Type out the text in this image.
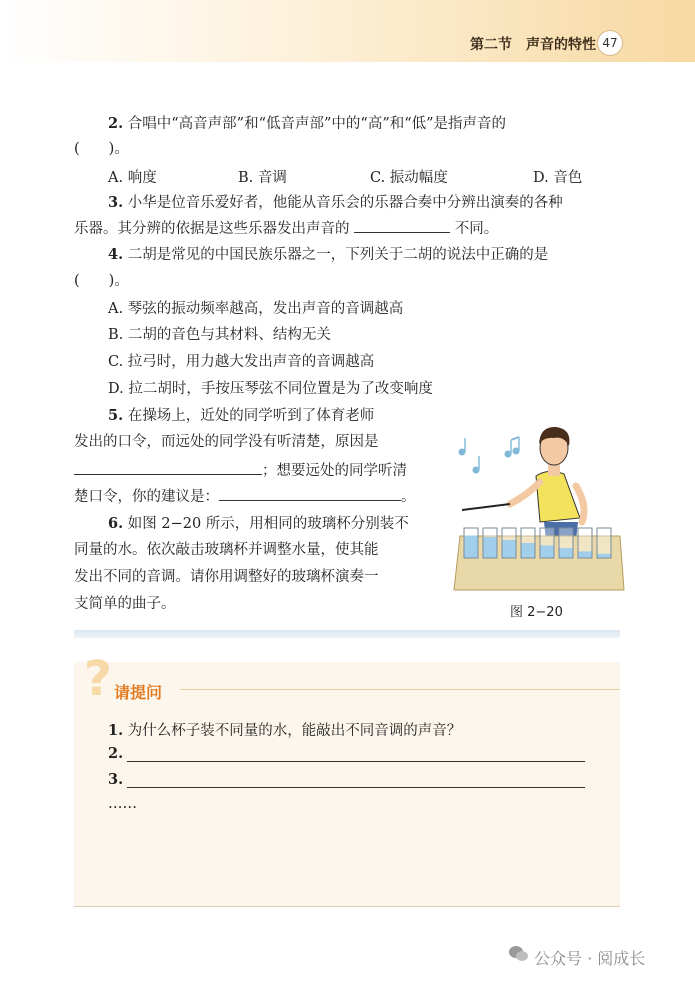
第二节　声音的特性 47
2. 合唱中“高音声部”和“低音声部”中的“高”和“低”是指声音的
(　　)。
A. 响度	B. 音调	C. 振动幅度	D. 音色
3. 小华是位音乐爱好者，他能从音乐会的乐器合奏中分辨出演奏的各种
乐器。其分辨的依据是这些乐器发出声音的	不同。
4. 二胡是常见的中国民族乐器之一，下列关于二胡的说法中正确的是
(　　)。
A. 琴弦的振动频率越高，发出声音的音调越高
B. 二胡的音色与其材料、结构无关
C. 拉弓时，用力越大发出声音的音调越高
D. 拉二胡时，手按压琴弦不同位置是为了改变响度
5. 在操场上，近处的同学听到了体育老师
发出的口令，而远处的同学没有听清楚，原因是
；想要远处的同学听清
楚口令，你的建议是：	。
6. 如图 2−20 所示，用相同的玻璃杯分别装不
同量的水。依次敲击玻璃杯并调整水量，使其能
发出不同的音调。请你用调整好的玻璃杯演奏一
支简单的曲子。
图 2−20
? 请提问
1. 为什么杯子装不同量的水，能敲出不同音调的声音？
2.
3.
……
公众号 · 阅成长
